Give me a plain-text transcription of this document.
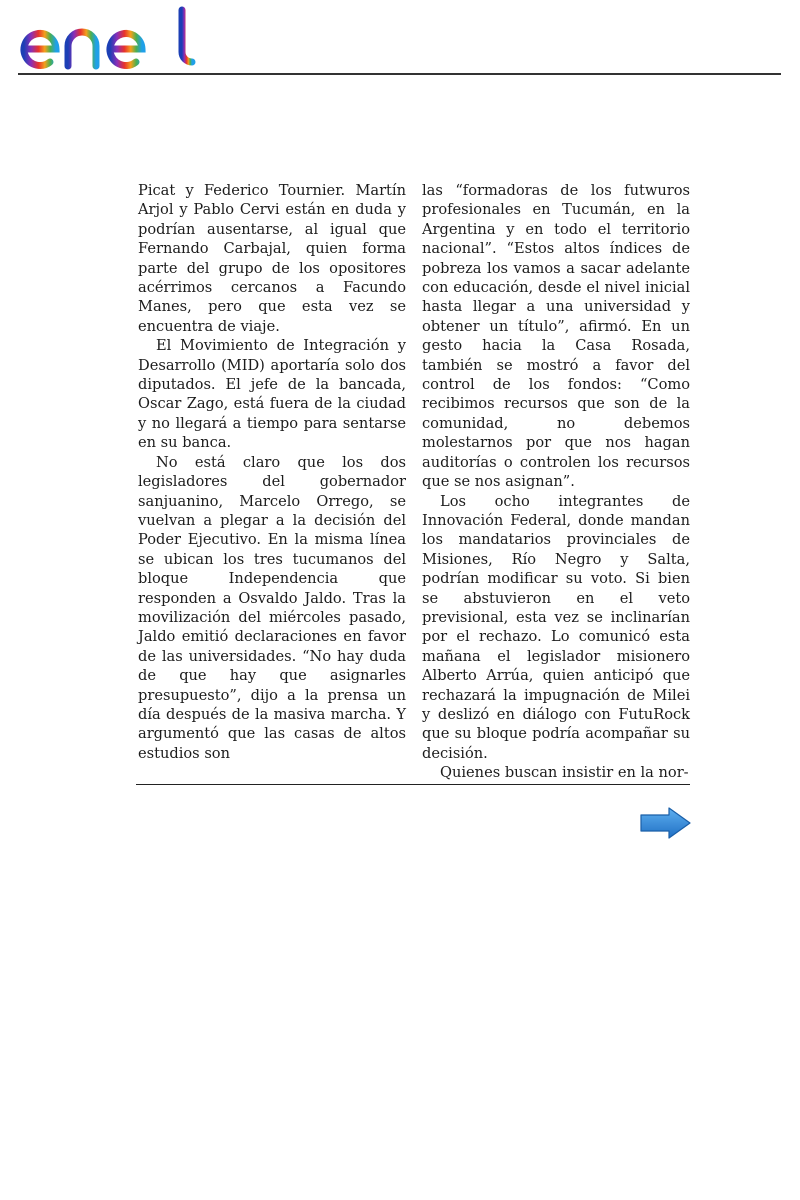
Picat y Federico Tournier. Martín Arjol y Pablo Cervi están en duda y podrían ausentarse, al igual que Fernando Carbajal, quien forma parte del grupo de los opositores acérrimos cercanos a Facundo Manes, pero que esta vez se encuentra de viaje.

El Movimiento de Integración y Desarrollo (MID) aportaría solo dos diputados. El jefe de la bancada, Oscar Zago, está fuera de la ciudad y no llegará a tiempo para sentarse en su banca.

No está claro que los dos legisladores del gobernador sanjuanino, Marcelo Orrego, se vuelvan a plegar a la decisión del Poder Ejecutivo. En la misma línea se ubican los tres tucumanos del bloque Independencia que responden a Osvaldo Jaldo. Tras la movilización del miércoles pasado, Jaldo emitió declaraciones en favor de las universidades. “No hay duda de que hay que asignarles presupuesto”, dijo a la prensa un día después de la masiva marcha. Y argumentó que las casas de altos estudios son

las “formadoras de los futwuros profesionales en Tucumán, en la Argentina y en todo el territorio nacional”. “Estos altos índices de pobreza los vamos a sacar adelante con educación, desde el nivel inicial hasta llegar a una universidad y obtener un título”, afirmó. En un gesto hacia la Casa Rosada, también se mostró a favor del control de los fondos: “Como recibimos recursos que son de la comunidad, no debemos molestarnos por que nos hagan auditorías o controlen los recursos que se nos asignan”.

Los ocho integrantes de Innovación Federal, donde mandan los mandatarios provinciales de Misiones, Río Negro y Salta, podrían modificar su voto. Si bien se abstuvieron en el veto previsional, esta vez se inclinarían por el rechazo. Lo comunicó esta mañana el legislador misionero Alberto Arrúa, quien anticipó que rechazará la impugnación de Milei y deslizó en diálogo con FutuRock que su bloque podría acompañar su decisión.

Quienes buscan insistir en la nor-
